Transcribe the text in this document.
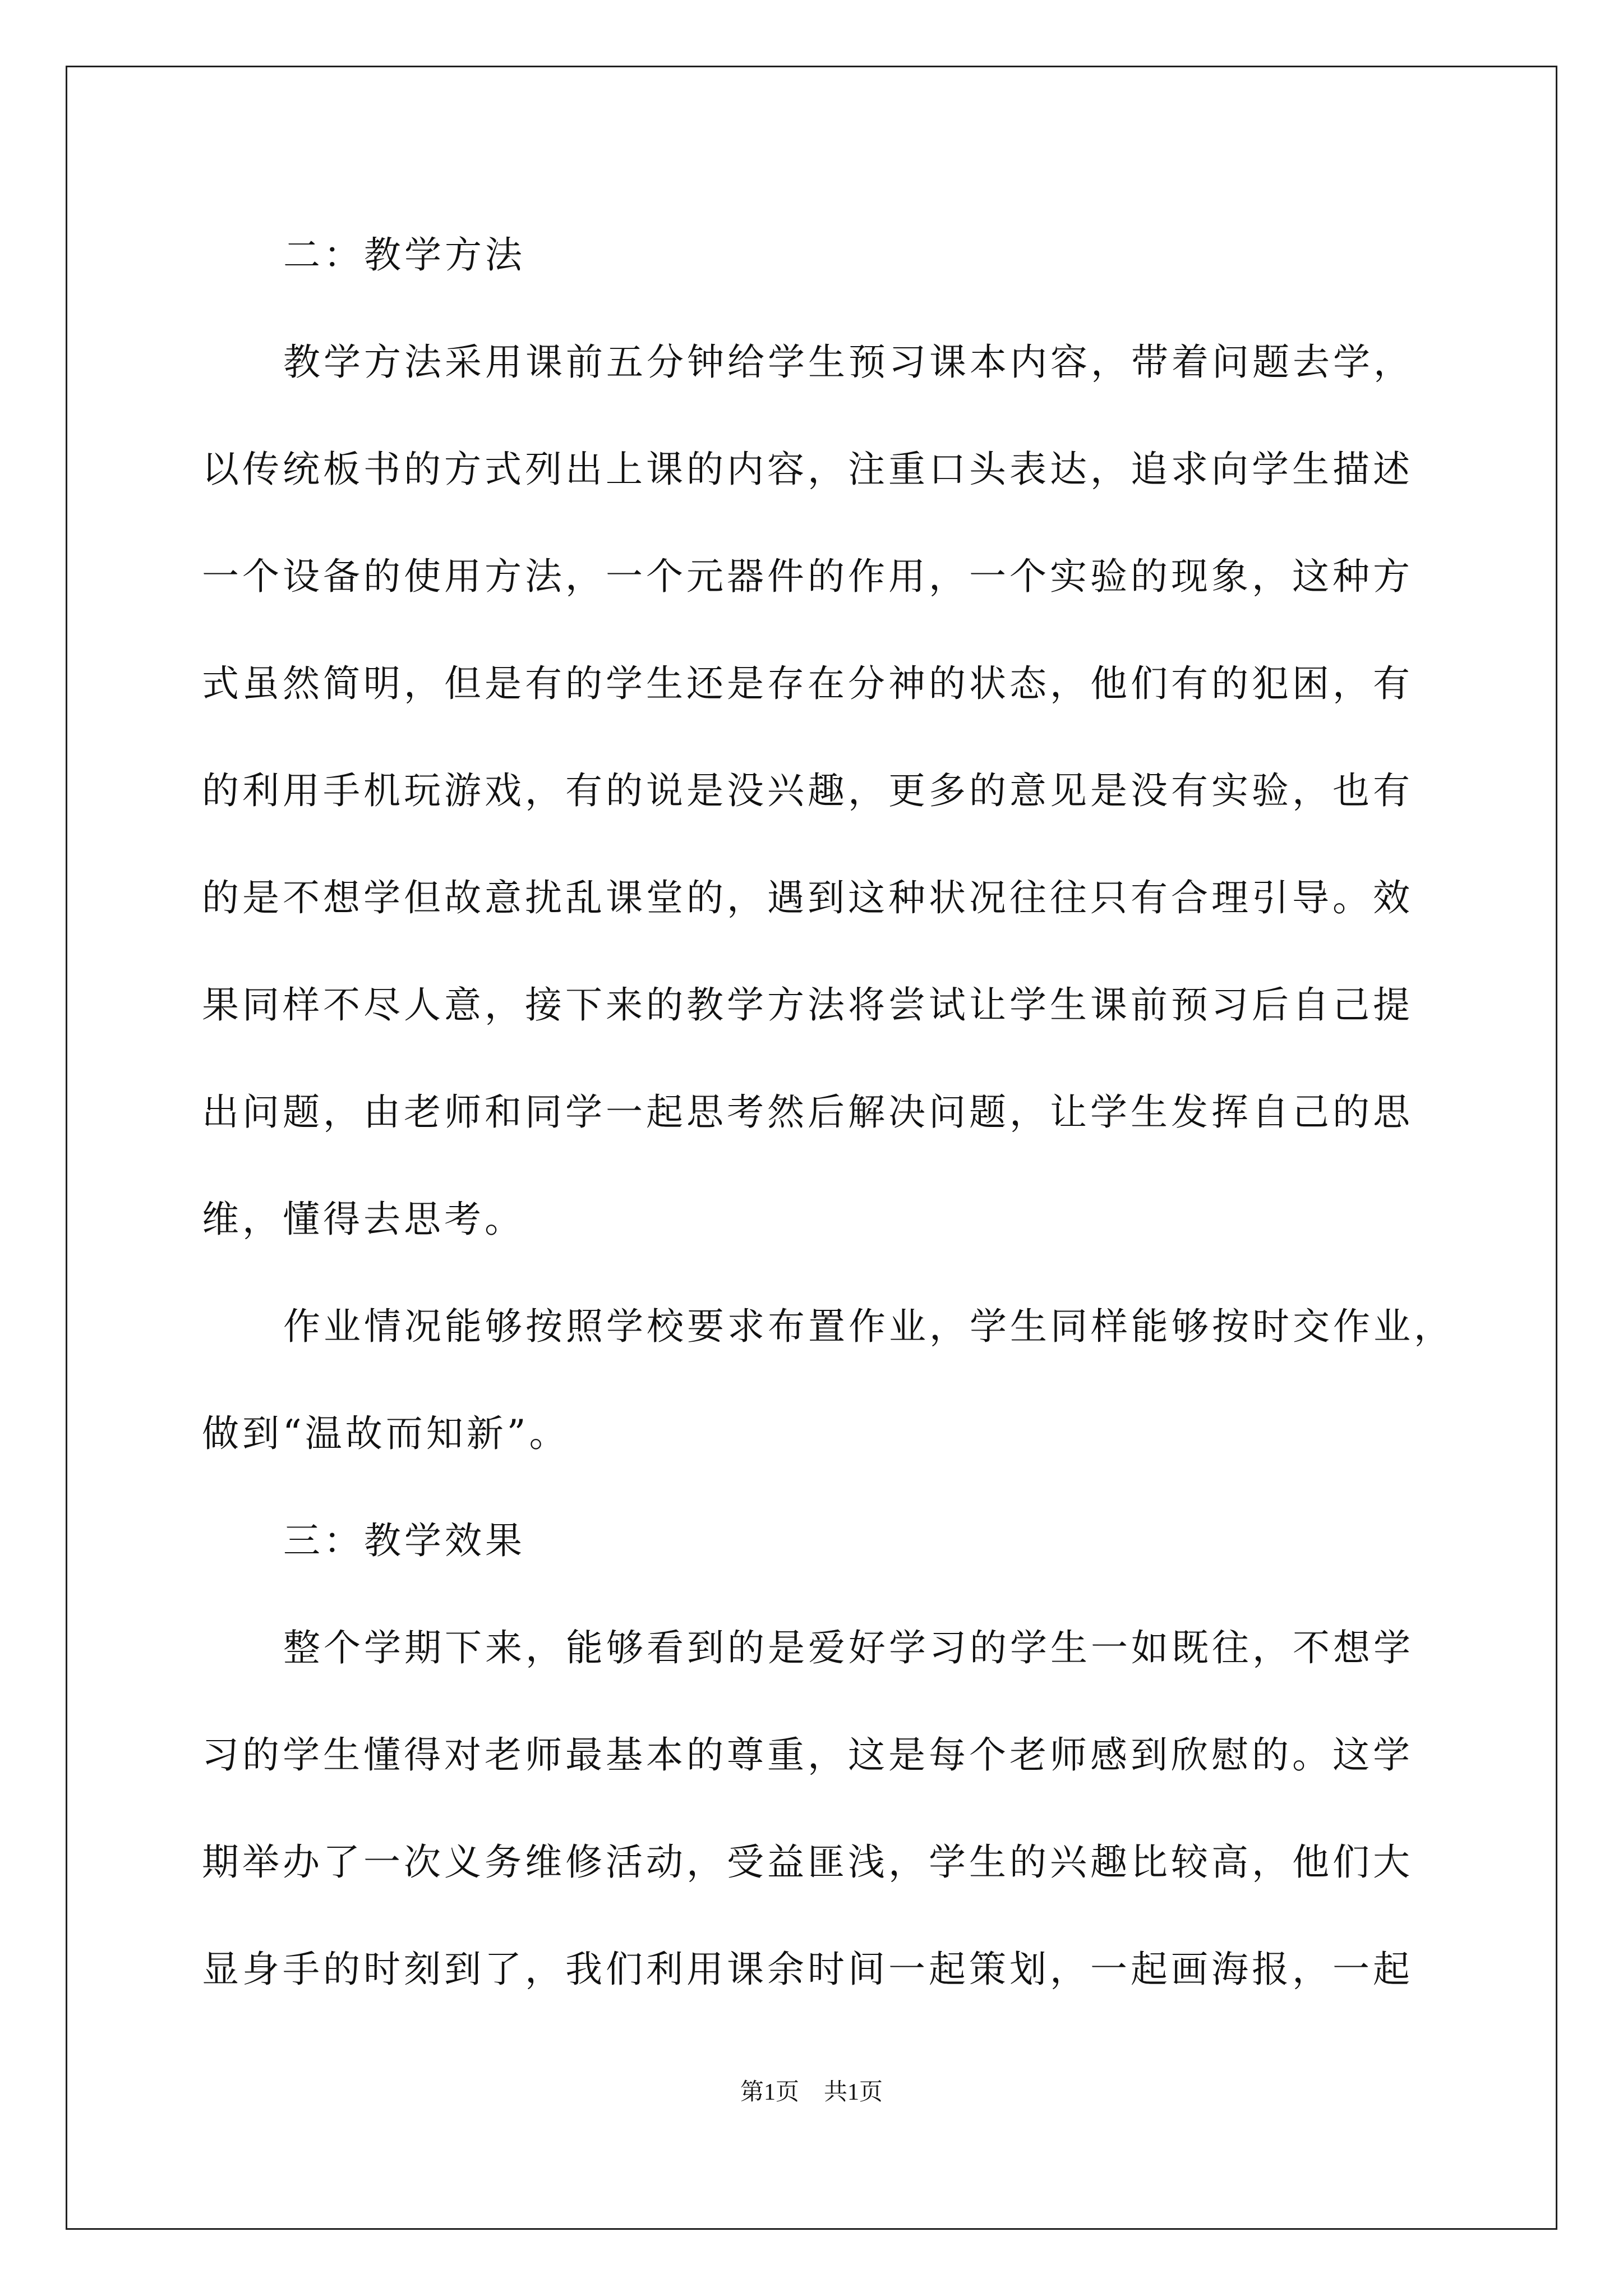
二：教学方法
教学方法采用课前五分钟给学生预习课本内容，带着问题去学，
以传统板书的方式列出上课的内容，注重口头表达，追求向学生描述
一个设备的使用方法，一个元器件的作用，一个实验的现象，这种方
式虽然简明，但是有的学生还是存在分神的状态，他们有的犯困，有
的利用手机玩游戏，有的说是没兴趣，更多的意见是没有实验，也有
的是不想学但故意扰乱课堂的，遇到这种状况往往只有合理引导。效
果同样不尽人意，接下来的教学方法将尝试让学生课前预习后自己提
出问题，由老师和同学一起思考然后解决问题，让学生发挥自己的思
维，懂得去思考。
作业情况能够按照学校要求布置作业，学生同样能够按时交作业，
做到“温故而知新”。
三：教学效果
整个学期下来，能够看到的是爱好学习的学生一如既往，不想学
习的学生懂得对老师最基本的尊重，这是每个老师感到欣慰的。这学
期举办了一次义务维修活动，受益匪浅，学生的兴趣比较高，他们大
显身手的时刻到了，我们利用课余时间一起策划，一起画海报，一起
第1页 共1页
